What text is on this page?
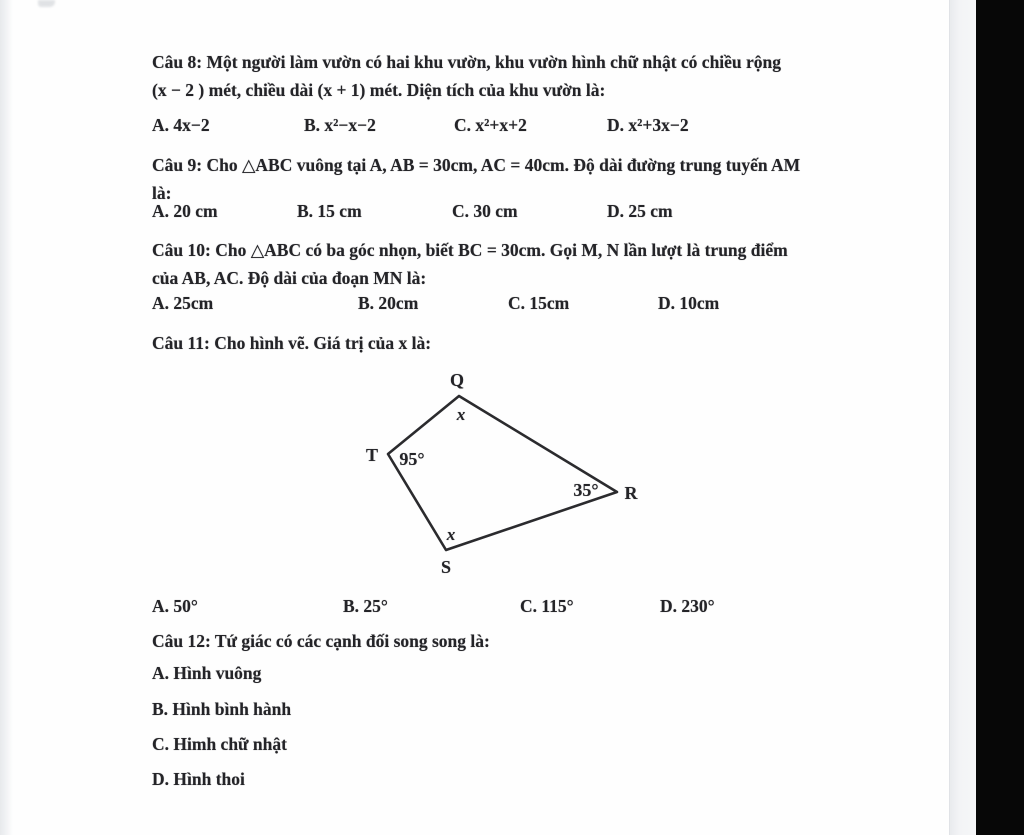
Câu 8: Một người làm vườn có hai khu vườn, khu vườn hình chữ nhật có chiều rộng
(x − 2 ) mét, chiều dài (x + 1) mét. Diện tích của khu vườn là:
A. 4x−2	B. x²−x−2	C. x²+x+2	D. x²+3x−2
Câu 9: Cho △ABC vuông tại A, AB = 30cm, AC = 40cm. Độ dài đường trung tuyến AM
là:
A. 20 cm	B. 15 cm	C. 30 cm	D. 25 cm
Câu 10: Cho △ABC có ba góc nhọn, biết BC = 30cm. Gọi M, N lần lượt là trung điểm
của AB, AC. Độ dài của đoạn MN là:
A. 25cm	B. 20cm	C. 15cm	D. 10cm
Câu 11: Cho hình vẽ. Giá trị của x là:
Q
x
T 95°
35° R
x
S
A. 50°	B. 25°	C. 115°	D. 230°
Câu 12: Tứ giác có các cạnh đối song song là:
A. Hình vuông
B. Hình bình hành
C. Himh chữ nhật
D. Hình thoi
